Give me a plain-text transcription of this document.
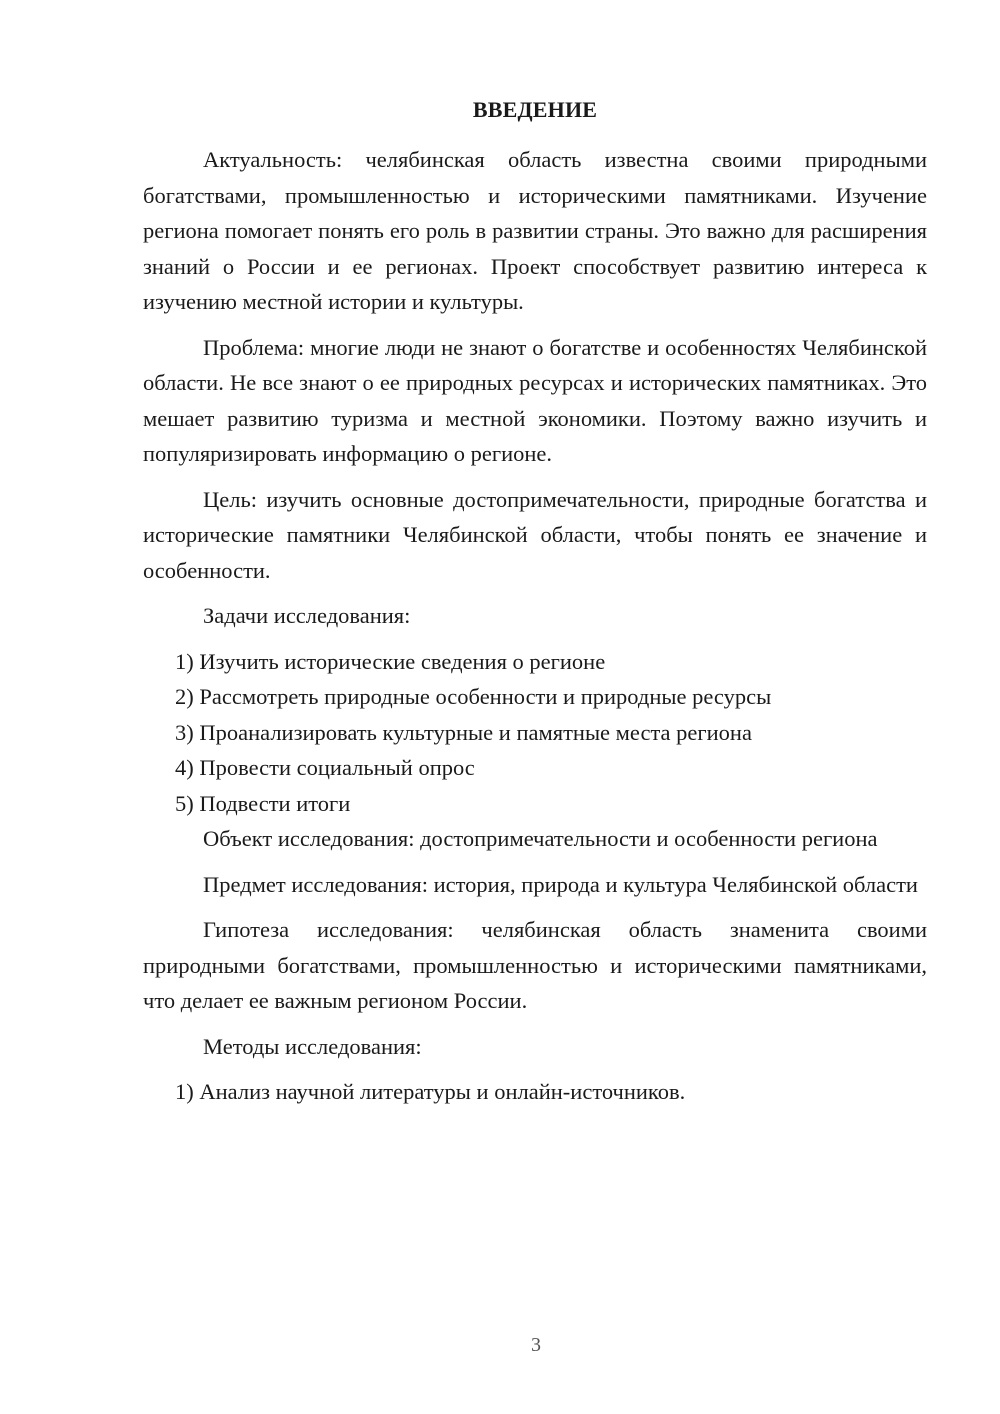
ВВЕДЕНИЕ

Актуальность: челябинская область известна своими природными богатствами, промышленностью и историческими памятниками. Изучение региона помогает понять его роль в развитии страны. Это важно для расширения знаний о России и ее регионах. Проект способствует развитию интереса к изучению местной истории и культуры.

Проблема: многие люди не знают о богатстве и особенностях Челябинской области. Не все знают о ее природных ресурсах и исторических памятниках. Это мешает развитию туризма и местной экономики. Поэтому важно изучить и популяризировать информацию о регионе.

Цель: изучить основные достопримечательности, природные богатства и исторические памятники Челябинской области, чтобы понять ее значение и особенности.

Задачи исследования:

1) Изучить исторические сведения о регионе

2) Рассмотреть природные особенности и природные ресурсы

3) Проанализировать культурные и памятные места региона

4) Провести социальный опрос

5) Подвести итоги

Объект исследования: достопримечательности и особенности региона

Предмет исследования: история, природа и культура Челябинской области

Гипотеза исследования: челябинская область знаменита своими природными богатствами, промышленностью и историческими памятниками, что делает ее важным регионом России.

Методы исследования:

1) Анализ научной литературы и онлайн-источников.

3
